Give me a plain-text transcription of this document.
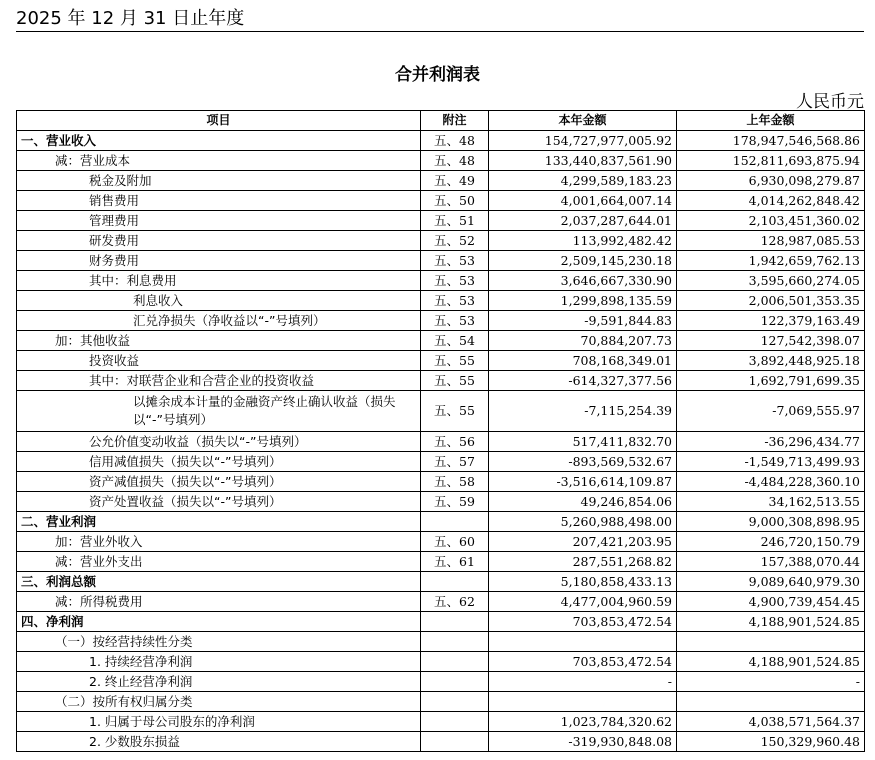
2025 年 12 月 31 日止年度
合并利润表
人民币元
项目	附注	本年金额	上年金额
一、营业收入	五、48	154,727,977,005.92	178,947,546,568.86
减：营业成本	五、48	133,440,837,561.90	152,811,693,875.94
税金及附加	五、49	4,299,589,183.23	6,930,098,279.87
销售费用	五、50	4,001,664,007.14	4,014,262,848.42
管理费用	五、51	2,037,287,644.01	2,103,451,360.02
研发费用	五、52	113,992,482.42	128,987,085.53
财务费用	五、53	2,509,145,230.18	1,942,659,762.13
其中：利息费用	五、53	3,646,667,330.90	3,595,660,274.05
利息收入	五、53	1,299,898,135.59	2,006,501,353.35
汇兑净损失（净收益以“-”号填列）	五、53	-9,591,844.83	122,379,163.49
加：其他收益	五、54	70,884,207.73	127,542,398.07
投资收益	五、55	708,168,349.01	3,892,448,925.18
其中：对联营企业和合营企业的投资收益	五、55	-614,327,377.56	1,692,791,699.35
以摊余成本计量的金融资产终止确认收益（损失以“-”号填列）	五、55	-7,115,254.39	-7,069,555.97
公允价值变动收益（损失以“-”号填列）	五、56	517,411,832.70	-36,296,434.77
信用减值损失（损失以“-”号填列）	五、57	-893,569,532.67	-1,549,713,499.93
资产减值损失（损失以“-”号填列）	五、58	-3,516,614,109.87	-4,484,228,360.10
资产处置收益（损失以“-”号填列）	五、59	49,246,854.06	34,162,513.55
二、营业利润		5,260,988,498.00	9,000,308,898.95
加：营业外收入	五、60	207,421,203.95	246,720,150.79
减：营业外支出	五、61	287,551,268.82	157,388,070.44
三、利润总额		5,180,858,433.13	9,089,640,979.30
减：所得税费用	五、62	4,477,004,960.59	4,900,739,454.45
四、净利润		703,853,472.54	4,188,901,524.85
（一）按经营持续性分类			
1. 持续经营净利润		703,853,472.54	4,188,901,524.85
2. 终止经营净利润		-	-
（二）按所有权归属分类			
1. 归属于母公司股东的净利润		1,023,784,320.62	4,038,571,564.37
2. 少数股东损益		-319,930,848.08	150,329,960.48
